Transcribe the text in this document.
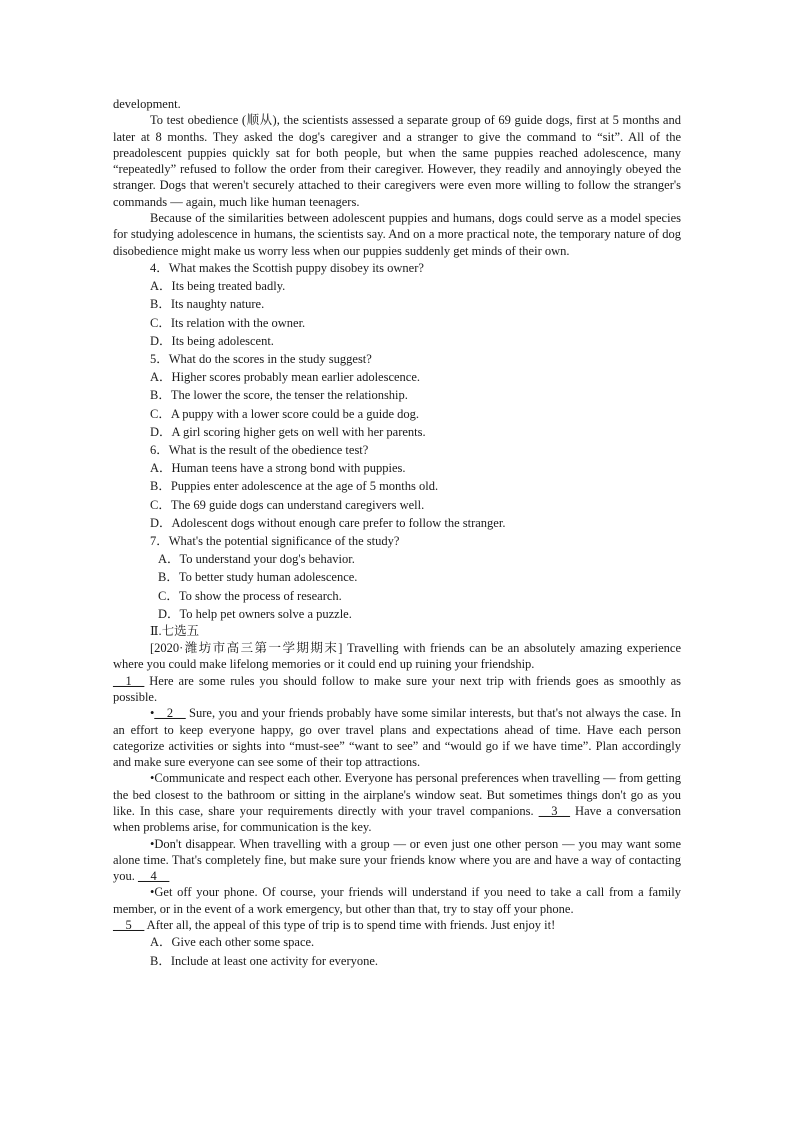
development.

To test obedience (顺从), the scientists assessed a separate group of 69 guide dogs, first at 5 months and later at 8 months. They asked the dog's caregiver and a stranger to give the command to “sit”. All of the preadolescent puppies quickly sat for both people, but when the same puppies reached adolescence, many “repeatedly” refused to follow the order from their caregiver. However, they readily and annoyingly obeyed the stranger. Dogs that weren't securely attached to their caregivers were even more willing to follow the stranger's commands — again, much like human teenagers.

Because of the similarities between adolescent puppies and humans, dogs could serve as a model species for studying adolescence in humans, the scientists say. And on a more practical note, the temporary nature of dog disobedience might make us worry less when our puppies suddenly get minds of their own.

4．What makes the Scottish puppy disobey its owner?

A．Its being treated badly.

B．Its naughty nature.

C．Its relation with the owner.

D．Its being adolescent.

5．What do the scores in the study suggest?

A．Higher scores probably mean earlier adolescence.

B．The lower the score, the tenser the relationship.

C．A puppy with a lower score could be a guide dog.

D．A girl scoring higher gets on well with her parents.

6．What is the result of the obedience test?

A．Human teens have a strong bond with puppies.

B．Puppies enter adolescence at the age of 5 months old.

C．The 69 guide dogs can understand caregivers well.

D．Adolescent dogs without enough care prefer to follow the stranger.

7．What's the potential significance of the study?

A．To understand your dog's behavior.

B．To better study human adolescence.

C．To show the process of research.

D．To help pet owners solve a puzzle.

Ⅱ.七选五

[2020·潍坊市高三第一学期期末] Travelling with friends can be an absolutely amazing experience where you could make lifelong memories or it could end up ruining your friendship.
__1__ Here are some rules you should follow to make sure your next trip with friends goes as smoothly as possible.

•__2__ Sure, you and your friends probably have some similar interests, but that's not always the case. In an effort to keep everyone happy, go over travel plans and expectations ahead of time. Have each person categorize activities or sights into “must-see” “want to see” and “would go if we have time”. Plan accordingly and make sure everyone can see some of their top attractions.

•Communicate and respect each other. Everyone has personal preferences when travelling — from getting the bed closest to the bathroom or sitting in the airplane's window seat. But sometimes things don't go as you like. In this case, share your requirements directly with your travel companions. __3__ Have a conversation when problems arise, for communication is the key.

•Don't disappear. When travelling with a group — or even just one other person — you may want some alone time. That's completely fine, but make sure your friends know where you are and have a way of contacting you. __4__

•Get off your phone. Of course, your friends will understand if you need to take a call from a family member, or in the event of a work emergency, but other than that, try to stay off your phone.
__5__ After all, the appeal of this type of trip is to spend time with friends. Just enjoy it!

A．Give each other some space.

B．Include at least one activity for everyone.
